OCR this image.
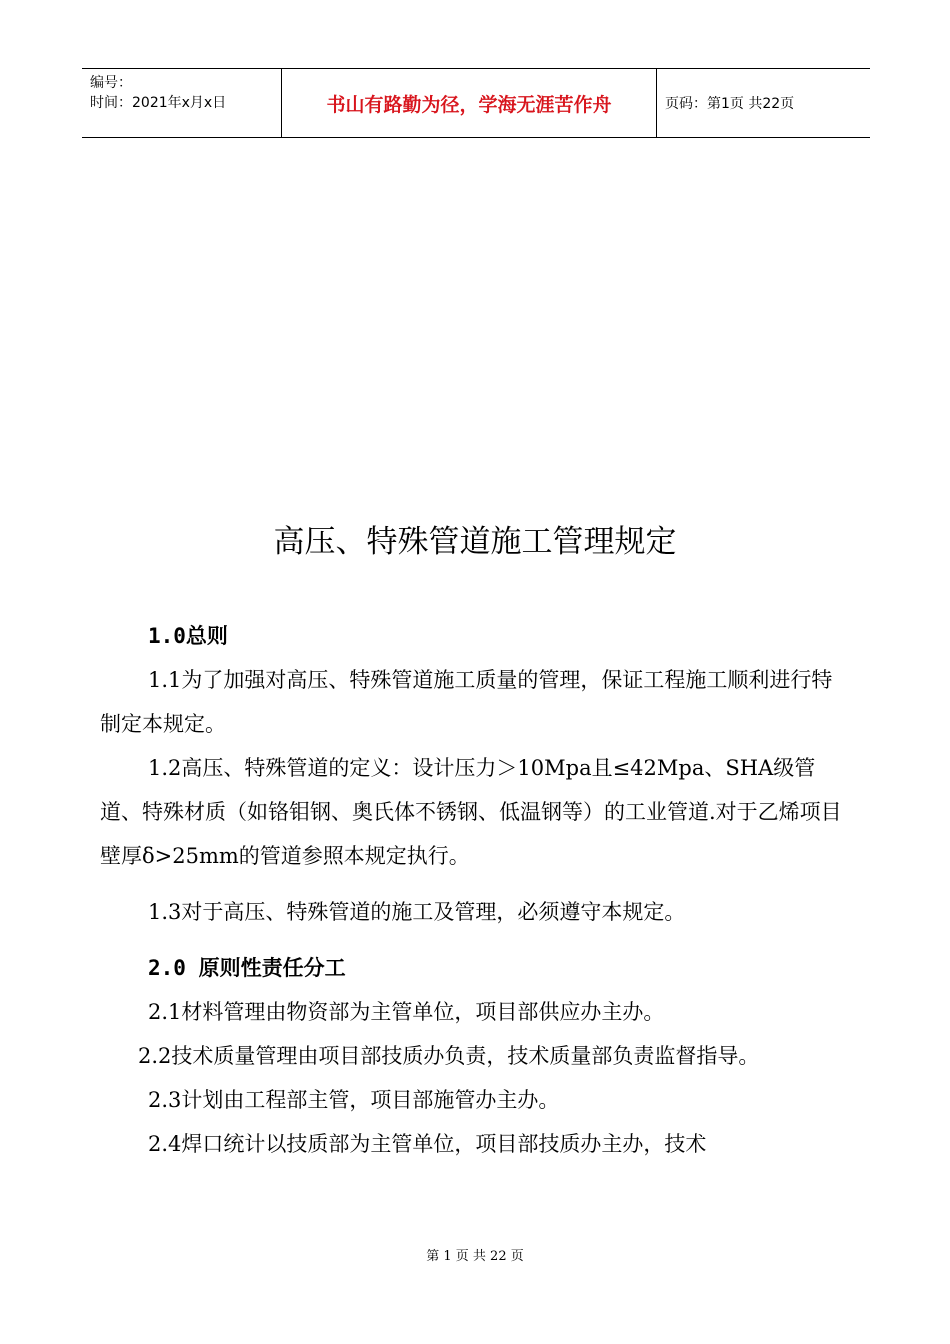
编号：
时间：2021年x月x日	书山有路勤为径，学海无涯苦作舟	页码：第1页 共22页
高压、特殊管道施工管理规定

1.0总则

1.1为了加强对高压、特殊管道施工质量的管理，保证工程施工顺利进行特制定本规定。

1.2高压、特殊管道的定义：设计压力＞10Mpa且≤42Mpa、SHA级管道、特殊材质（如铬钼钢、奥氏体不锈钢、低温钢等）的工业管道.对于乙烯项目壁厚δ>25mm的管道参照本规定执行。

1.3对于高压、特殊管道的施工及管理，必须遵守本规定。

2.0 原则性责任分工

2.1材料管理由物资部为主管单位，项目部供应办主办。

2.2技术质量管理由项目部技质办负责，技术质量部负责监督指导。

2.3计划由工程部主管，项目部施管办主办。

2.4焊口统计以技质部为主管单位，项目部技质办主办，技术

第 1 页 共 22 页
